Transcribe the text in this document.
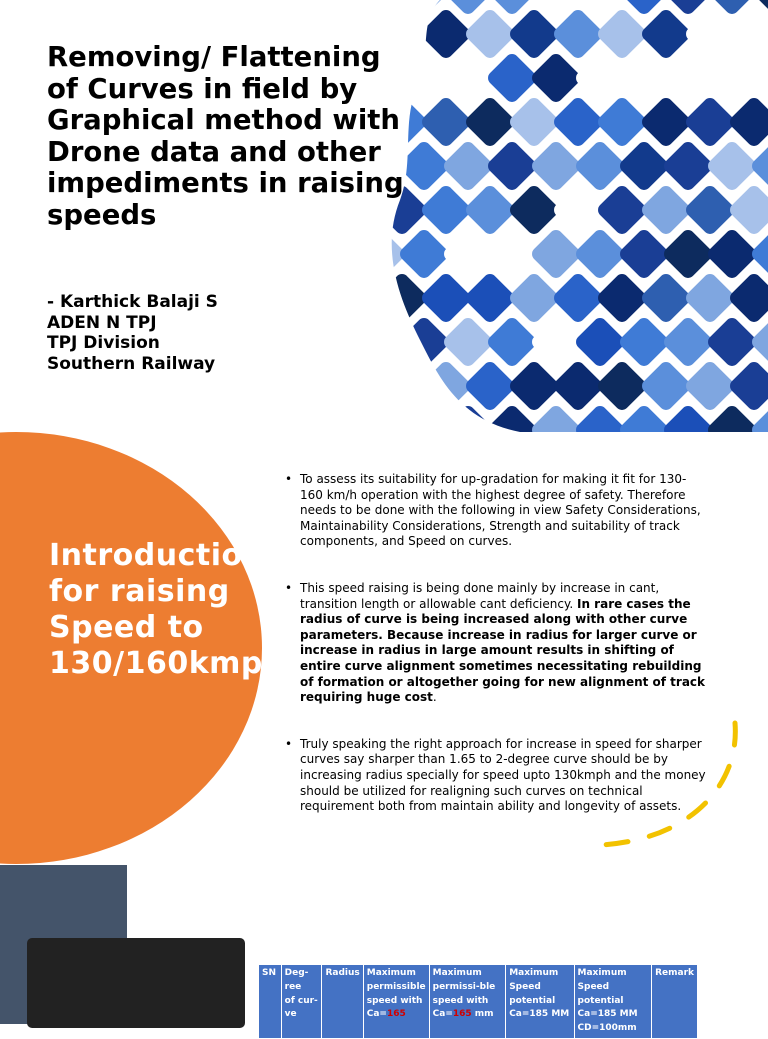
Removing/ Flattening of Curves in field by Graphical method with Drone data and other impediments in raising speeds
- Karthick Balaji S
ADEN N TPJ
TPJ Division
Southern Railway
Introduction for raising Speed to 130/160kmph
• To assess its suitability for up-gradation for making it fit for 130-160 km/h operation with the highest degree of safety. Therefore needs to be done with the following in view Safety Considerations, Maintainability Considerations, Strength and suitability of track components, and Speed on curves.
• This speed raising is being done mainly by increase in cant, transition length or allowable cant deficiency. In rare cases the radius of curve is being increased along with other curve parameters. Because increase in radius for larger curve or increase in radius in large amount results in shifting of entire curve alignment sometimes necessitating rebuilding of formation or altogether going for new alignment of track requiring huge cost.
• Truly speaking the right approach for increase in speed for sharper curves say sharper than 1.65 to 2-degree curve should be by increasing radius specially for speed upto 130kmph and the money should be utilized for realigning such curves on technical requirement both from maintain ability and longevity of assets.
SN	Deg-ree
of cur-
ve	Radius	Maximum
permissible
speed with
Ca=165	Maximum
permissi-ble
speed with
Ca=165 mm	Maximum
Speed
potential
Ca=185 MM	Maximum
Speed potential
Ca=185 MM
CD=100mm	Remark
